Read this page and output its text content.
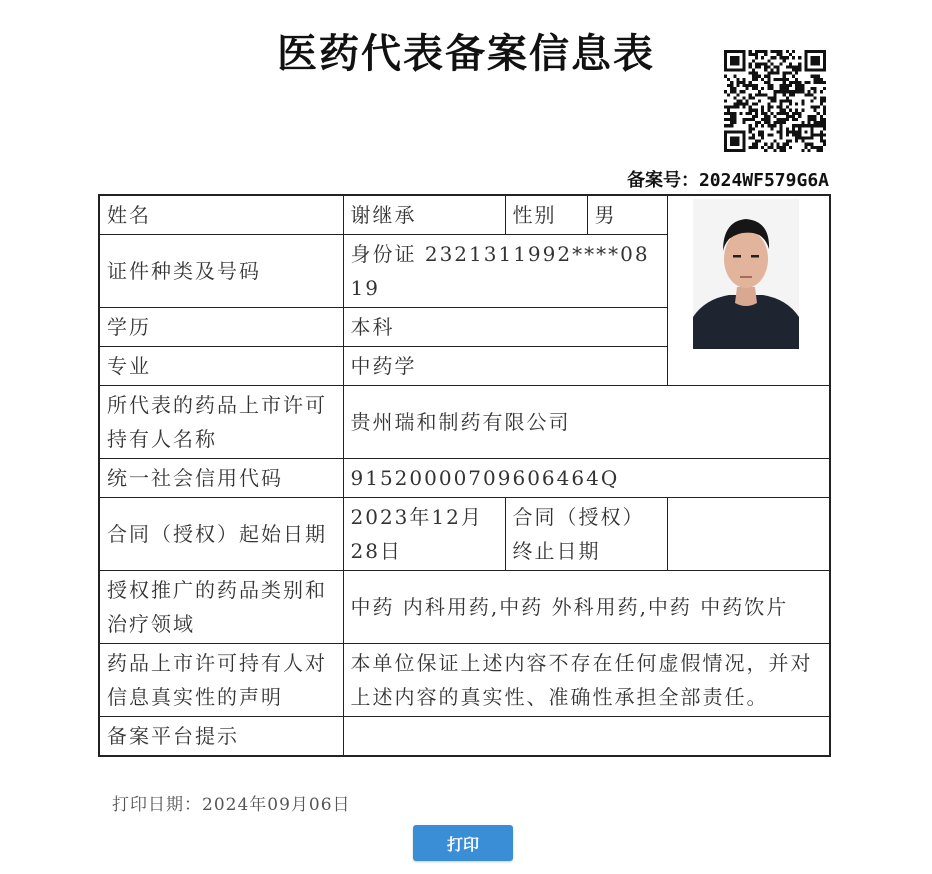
医药代表备案信息表
备案号：2024WF579G6A
姓名	谢继承	性别	男	

证件种类及号码	身份证 2321311992****0819			
学历	本科			
专业	中药学			
所代表的药品上市许可持有人名称	贵州瑞和制药有限公司			
统一社会信用代码	91520000709606464Q			
合同（授权）起始日期	2023年12月28日	合同（授权）终止日期		
授权推广的药品类别和治疗领域	中药 内科用药,中药 外科用药,中药 中药饮片			
药品上市许可持有人对信息真实性的声明	本单位保证上述内容不存在任何虚假情况，并对上述内容的真实性、准确性承担全部责任。			
备案平台提示				
打印日期：2024年09月06日
打印
